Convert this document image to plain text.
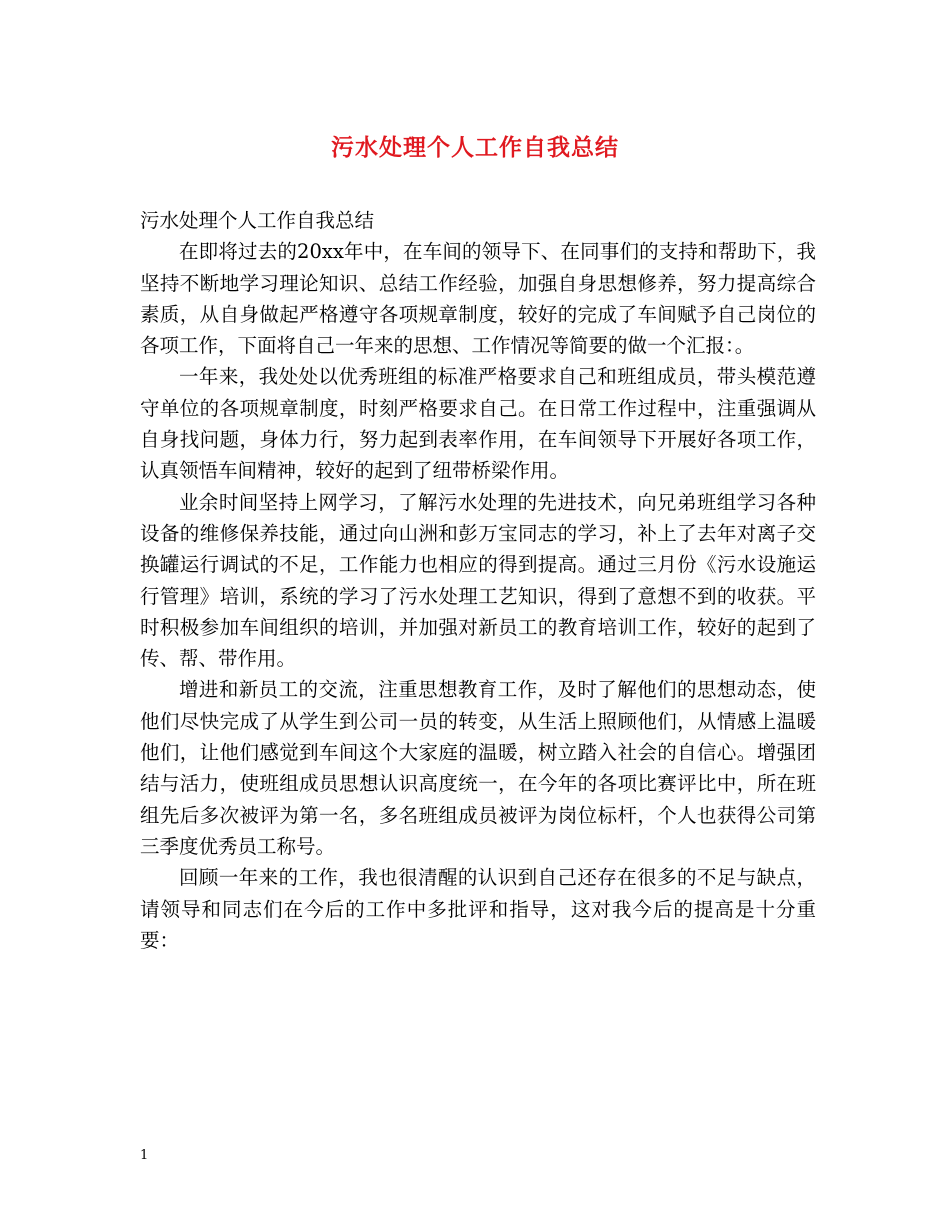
污水处理个人工作自我总结

污水处理个人工作自我总结

在即将过去的20xx年中，在车间的领导下、在同事们的支持和帮助下，我坚持不断地学习理论知识、总结工作经验，加强自身思想修养，努力提高综合素质，从自身做起严格遵守各项规章制度，较好的完成了车间赋予自己岗位的各项工作，下面将自己一年来的思想、工作情况等简要的做一个汇报：。

一年来，我处处以优秀班组的标准严格要求自己和班组成员，带头模范遵守单位的各项规章制度，时刻严格要求自己。在日常工作过程中，注重强调从自身找问题，身体力行，努力起到表率作用，在车间领导下开展好各项工作，认真领悟车间精神，较好的起到了纽带桥梁作用。

业余时间坚持上网学习，了解污水处理的先进技术，向兄弟班组学习各种设备的维修保养技能，通过向山洲和彭万宝同志的学习，补上了去年对离子交换罐运行调试的不足，工作能力也相应的得到提高。通过三月份《污水设施运行管理》培训，系统的学习了污水处理工艺知识，得到了意想不到的收获。平时积极参加车间组织的培训，并加强对新员工的教育培训工作，较好的起到了传、帮、带作用。

增进和新员工的交流，注重思想教育工作，及时了解他们的思想动态，使他们尽快完成了从学生到公司一员的转变，从生活上照顾他们，从情感上温暖他们，让他们感觉到车间这个大家庭的温暖，树立踏入社会的自信心。增强团结与活力，使班组成员思想认识高度统一，在今年的各项比赛评比中，所在班组先后多次被评为第一名，多名班组成员被评为岗位标杆，个人也获得公司第三季度优秀员工称号。

回顾一年来的工作，我也很清醒的认识到自己还存在很多的不足与缺点，请领导和同志们在今后的工作中多批评和指导，这对我今后的提高是十分重要：

1
